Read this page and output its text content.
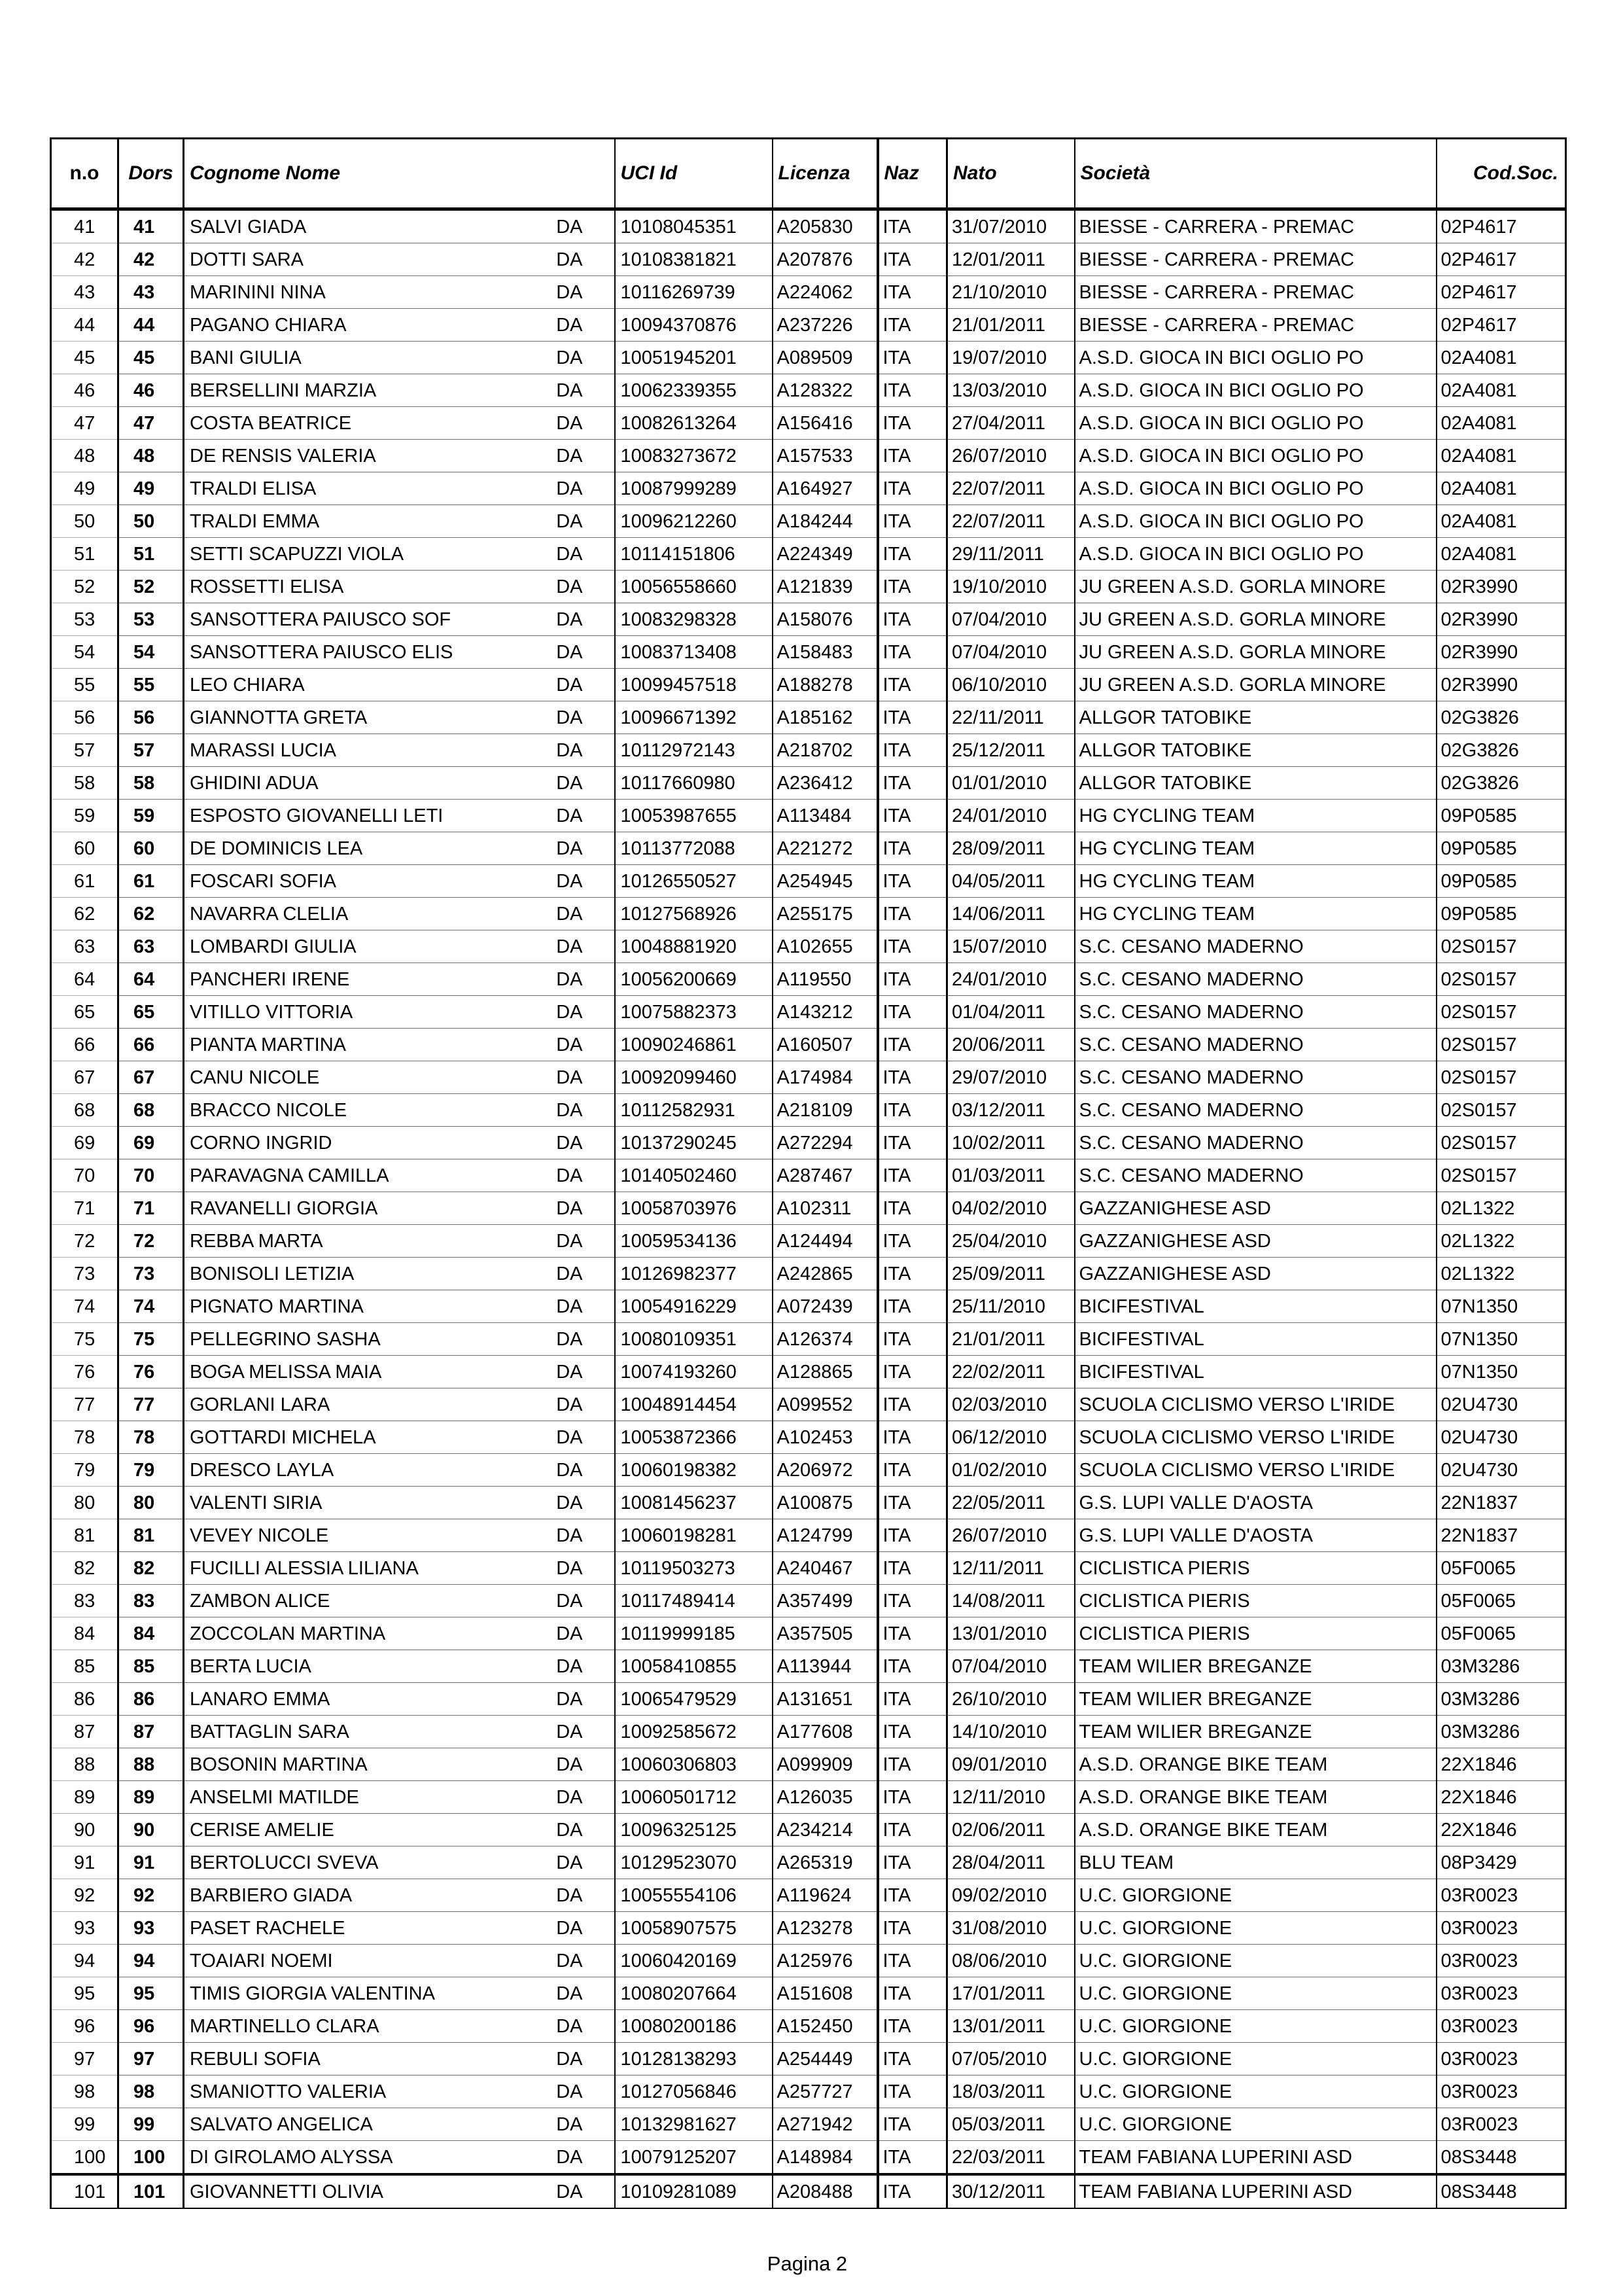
n.o	Dors	Cognome Nome	UCI Id	Licenza	Naz	Nato	Società	Cod.Soc.
41	41	SALVI GIADA DA	10108045351	A205830	ITA	31/07/2010	BIESSE - CARRERA - PREMAC	02P4617
42	42	DOTTI SARA DA	10108381821	A207876	ITA	12/01/2011	BIESSE - CARRERA - PREMAC	02P4617
43	43	MARININI NINA DA	10116269739	A224062	ITA	21/10/2010	BIESSE - CARRERA - PREMAC	02P4617
44	44	PAGANO CHIARA DA	10094370876	A237226	ITA	21/01/2011	BIESSE - CARRERA - PREMAC	02P4617
45	45	BANI GIULIA DA	10051945201	A089509	ITA	19/07/2010	A.S.D. GIOCA IN BICI OGLIO PO	02A4081
46	46	BERSELLINI MARZIA DA	10062339355	A128322	ITA	13/03/2010	A.S.D. GIOCA IN BICI OGLIO PO	02A4081
47	47	COSTA BEATRICE DA	10082613264	A156416	ITA	27/04/2011	A.S.D. GIOCA IN BICI OGLIO PO	02A4081
48	48	DE RENSIS VALERIA DA	10083273672	A157533	ITA	26/07/2010	A.S.D. GIOCA IN BICI OGLIO PO	02A4081
49	49	TRALDI ELISA DA	10087999289	A164927	ITA	22/07/2011	A.S.D. GIOCA IN BICI OGLIO PO	02A4081
50	50	TRALDI EMMA DA	10096212260	A184244	ITA	22/07/2011	A.S.D. GIOCA IN BICI OGLIO PO	02A4081
51	51	SETTI SCAPUZZI VIOLA DA	10114151806	A224349	ITA	29/11/2011	A.S.D. GIOCA IN BICI OGLIO PO	02A4081
52	52	ROSSETTI ELISA DA	10056558660	A121839	ITA	19/10/2010	JU GREEN A.S.D. GORLA MINORE	02R3990
53	53	SANSOTTERA PAIUSCO SOF DA	10083298328	A158076	ITA	07/04/2010	JU GREEN A.S.D. GORLA MINORE	02R3990
54	54	SANSOTTERA PAIUSCO ELIS DA	10083713408	A158483	ITA	07/04/2010	JU GREEN A.S.D. GORLA MINORE	02R3990
55	55	LEO CHIARA DA	10099457518	A188278	ITA	06/10/2010	JU GREEN A.S.D. GORLA MINORE	02R3990
56	56	GIANNOTTA GRETA DA	10096671392	A185162	ITA	22/11/2011	ALLGOR TATOBIKE	02G3826
57	57	MARASSI LUCIA DA	10112972143	A218702	ITA	25/12/2011	ALLGOR TATOBIKE	02G3826
58	58	GHIDINI ADUA DA	10117660980	A236412	ITA	01/01/2010	ALLGOR TATOBIKE	02G3826
59	59	ESPOSTO GIOVANELLI LETI DA	10053987655	A113484	ITA	24/01/2010	HG CYCLING TEAM	09P0585
60	60	DE DOMINICIS LEA DA	10113772088	A221272	ITA	28/09/2011	HG CYCLING TEAM	09P0585
61	61	FOSCARI SOFIA DA	10126550527	A254945	ITA	04/05/2011	HG CYCLING TEAM	09P0585
62	62	NAVARRA CLELIA DA	10127568926	A255175	ITA	14/06/2011	HG CYCLING TEAM	09P0585
63	63	LOMBARDI GIULIA DA	10048881920	A102655	ITA	15/07/2010	S.C. CESANO MADERNO	02S0157
64	64	PANCHERI IRENE DA	10056200669	A119550	ITA	24/01/2010	S.C. CESANO MADERNO	02S0157
65	65	VITILLO VITTORIA DA	10075882373	A143212	ITA	01/04/2011	S.C. CESANO MADERNO	02S0157
66	66	PIANTA MARTINA DA	10090246861	A160507	ITA	20/06/2011	S.C. CESANO MADERNO	02S0157
67	67	CANU NICOLE DA	10092099460	A174984	ITA	29/07/2010	S.C. CESANO MADERNO	02S0157
68	68	BRACCO NICOLE DA	10112582931	A218109	ITA	03/12/2011	S.C. CESANO MADERNO	02S0157
69	69	CORNO INGRID DA	10137290245	A272294	ITA	10/02/2011	S.C. CESANO MADERNO	02S0157
70	70	PARAVAGNA CAMILLA DA	10140502460	A287467	ITA	01/03/2011	S.C. CESANO MADERNO	02S0157
71	71	RAVANELLI GIORGIA DA	10058703976	A102311	ITA	04/02/2010	GAZZANIGHESE ASD	02L1322
72	72	REBBA MARTA DA	10059534136	A124494	ITA	25/04/2010	GAZZANIGHESE ASD	02L1322
73	73	BONISOLI LETIZIA DA	10126982377	A242865	ITA	25/09/2011	GAZZANIGHESE ASD	02L1322
74	74	PIGNATO MARTINA DA	10054916229	A072439	ITA	25/11/2010	BICIFESTIVAL	07N1350
75	75	PELLEGRINO SASHA DA	10080109351	A126374	ITA	21/01/2011	BICIFESTIVAL	07N1350
76	76	BOGA MELISSA MAIA DA	10074193260	A128865	ITA	22/02/2011	BICIFESTIVAL	07N1350
77	77	GORLANI LARA DA	10048914454	A099552	ITA	02/03/2010	SCUOLA CICLISMO VERSO L'IRIDE	02U4730
78	78	GOTTARDI MICHELA DA	10053872366	A102453	ITA	06/12/2010	SCUOLA CICLISMO VERSO L'IRIDE	02U4730
79	79	DRESCO LAYLA DA	10060198382	A206972	ITA	01/02/2010	SCUOLA CICLISMO VERSO L'IRIDE	02U4730
80	80	VALENTI SIRIA DA	10081456237	A100875	ITA	22/05/2011	G.S. LUPI VALLE D'AOSTA	22N1837
81	81	VEVEY NICOLE DA	10060198281	A124799	ITA	26/07/2010	G.S. LUPI VALLE D'AOSTA	22N1837
82	82	FUCILLI ALESSIA LILIANA DA	10119503273	A240467	ITA	12/11/2011	CICLISTICA PIERIS	05F0065
83	83	ZAMBON ALICE DA	10117489414	A357499	ITA	14/08/2011	CICLISTICA PIERIS	05F0065
84	84	ZOCCOLAN MARTINA DA	10119999185	A357505	ITA	13/01/2010	CICLISTICA PIERIS	05F0065
85	85	BERTA LUCIA DA	10058410855	A113944	ITA	07/04/2010	TEAM WILIER BREGANZE	03M3286
86	86	LANARO EMMA DA	10065479529	A131651	ITA	26/10/2010	TEAM WILIER BREGANZE	03M3286
87	87	BATTAGLIN SARA DA	10092585672	A177608	ITA	14/10/2010	TEAM WILIER BREGANZE	03M3286
88	88	BOSONIN MARTINA DA	10060306803	A099909	ITA	09/01/2010	A.S.D. ORANGE BIKE TEAM	22X1846
89	89	ANSELMI MATILDE DA	10060501712	A126035	ITA	12/11/2010	A.S.D. ORANGE BIKE TEAM	22X1846
90	90	CERISE AMELIE DA	10096325125	A234214	ITA	02/06/2011	A.S.D. ORANGE BIKE TEAM	22X1846
91	91	BERTOLUCCI SVEVA DA	10129523070	A265319	ITA	28/04/2011	BLU TEAM	08P3429
92	92	BARBIERO GIADA DA	10055554106	A119624	ITA	09/02/2010	U.C. GIORGIONE	03R0023
93	93	PASET RACHELE DA	10058907575	A123278	ITA	31/08/2010	U.C. GIORGIONE	03R0023
94	94	TOAIARI NOEMI DA	10060420169	A125976	ITA	08/06/2010	U.C. GIORGIONE	03R0023
95	95	TIMIS GIORGIA VALENTINA DA	10080207664	A151608	ITA	17/01/2011	U.C. GIORGIONE	03R0023
96	96	MARTINELLO CLARA DA	10080200186	A152450	ITA	13/01/2011	U.C. GIORGIONE	03R0023
97	97	REBULI SOFIA DA	10128138293	A254449	ITA	07/05/2010	U.C. GIORGIONE	03R0023
98	98	SMANIOTTO VALERIA DA	10127056846	A257727	ITA	18/03/2011	U.C. GIORGIONE	03R0023
99	99	SALVATO ANGELICA DA	10132981627	A271942	ITA	05/03/2011	U.C. GIORGIONE	03R0023
100	100	DI GIROLAMO ALYSSA DA	10079125207	A148984	ITA	22/03/2011	TEAM FABIANA LUPERINI ASD	08S3448
101	101	GIOVANNETTI OLIVIA DA	10109281089	A208488	ITA	30/12/2011	TEAM FABIANA LUPERINI ASD	08S3448
Pagina 2
